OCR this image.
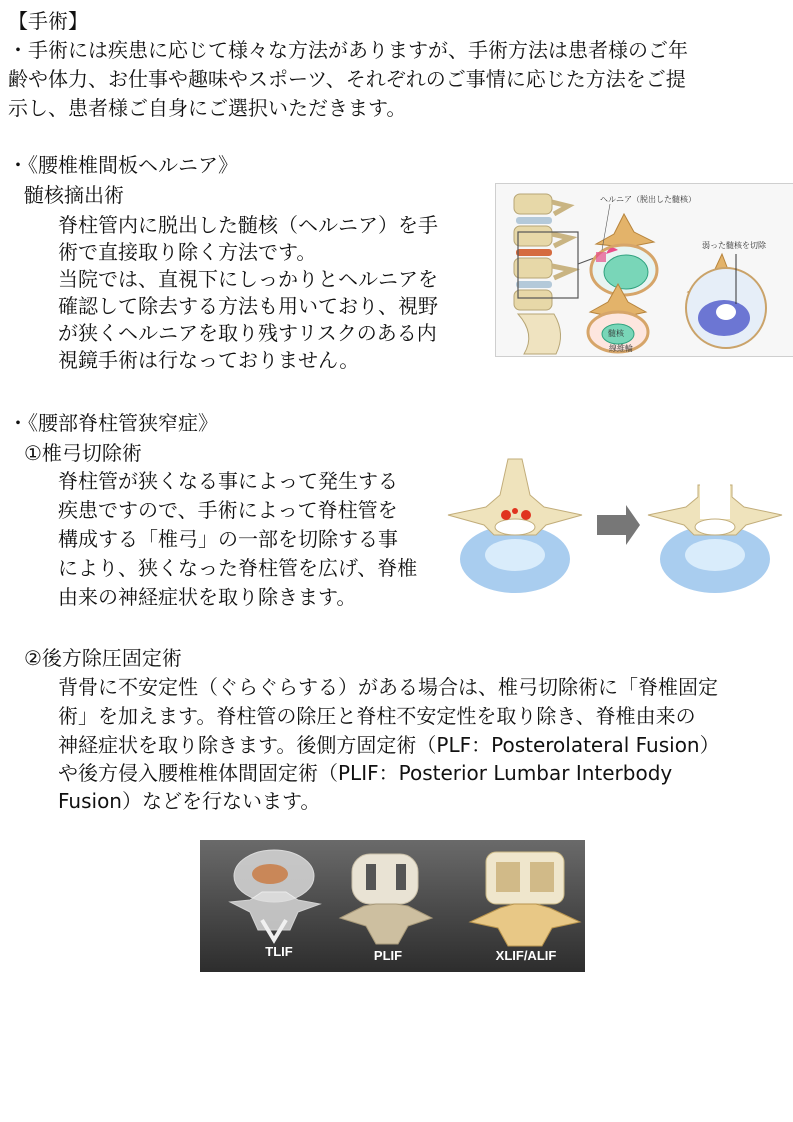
【手術】
・手術には疾患に応じて様々な方法がありますが、手術方法は患者様のご年
齢や体力、お仕事や趣味やスポーツ、それぞれのご事情に応じた方法をご提
示し、患者様ご自身にご選択いただきます。
・《腰椎椎間板ヘルニア》
髄核摘出術
脊柱管内に脱出した髄核（ヘルニア）を手
術で直接取り除く方法です。
当院では、直視下にしっかりとヘルニアを
確認して除去する方法も用いており、視野
が狭くヘルニアを取り残すリスクのある内
視鏡手術は行なっておりません。
ヘルニア（脱出した髄核）
髄核
線維輪
弱った髄核を切除
・《腰部脊柱管狭窄症》
①椎弓切除術
脊柱管が狭くなる事によって発生する
疾患ですので、手術によって脊柱管を
構成する「椎弓」の一部を切除する事
により、狭くなった脊柱管を広げ、脊椎
由来の神経症状を取り除きます。
②後方除圧固定術
背骨に不安定性（ぐらぐらする）がある場合は、椎弓切除術に「脊椎固定
術」を加えます。脊柱管の除圧と脊柱不安定性を取り除き、脊椎由来の
神経症状を取り除きます。後側方固定術（PLF：Posterolateral Fusion）
や後方侵入腰椎椎体間固定術（PLIF：Posterior Lumbar Interbody
Fusion）などを行ないます。
TLIF	PLIF	XLIF/ALIF
